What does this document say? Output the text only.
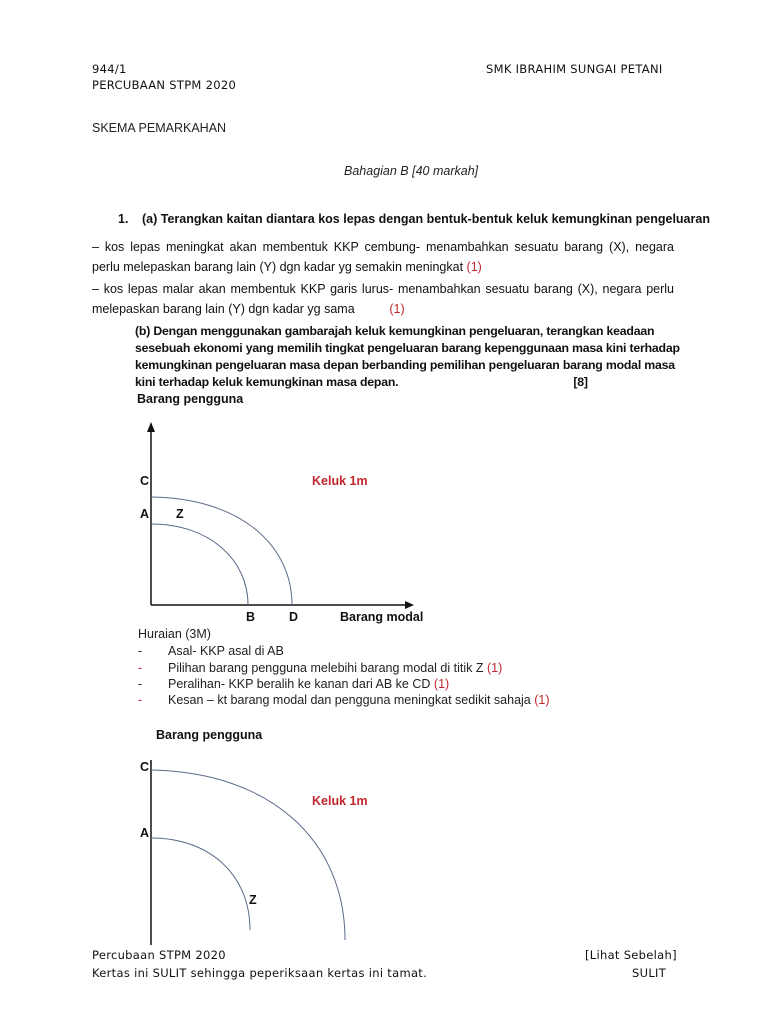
944/1	SMK IBRAHIM SUNGAI PETANI
PERCUBAAN STPM 2020
SKEMA PEMARKAHAN
Bahagian B [40 markah]
1. (a) Terangkan kaitan diantara kos lepas dengan bentuk-bentuk keluk kemungkinan pengeluaran
– kos lepas meningkat akan membentuk KKP cembung- menambahkan sesuatu barang (X), negara perlu melepaskan barang lain (Y) dgn kadar yg semakin meningkat (1)
– kos lepas malar akan membentuk KKP garis lurus- menambahkan sesuatu barang (X), negara perlu melepaskan barang lain (Y) dgn kadar yg sama	(1)
(b) Dengan menggunakan gambarajah keluk kemungkinan pengeluaran, terangkan keadaan sesebuah ekonomi yang memilih tingkat pengeluaran barang kepenggunaan masa kini terhadap kemungkinan pengeluaran masa depan berbanding pemilihan pengeluaran barang modal masa kini terhadap keluk kemungkinan masa depan.	[8]
Barang pengguna
C	Keluk 1m
A Z
B	D	Barang modal
Huraian (3M)
- Asal- KKP asal di AB
- Pilihan barang pengguna melebihi barang modal di titik Z (1)
- Peralihan- KKP beralih ke kanan dari AB ke CD (1)
- Kesan – kt barang modal dan pengguna meningkat sedikit sahaja (1)
Barang pengguna
C
Keluk 1m
A
Z
Percubaan STPM 2020	[Lihat Sebelah]
Kertas ini SULIT sehingga peperiksaan kertas ini tamat.	SULIT
